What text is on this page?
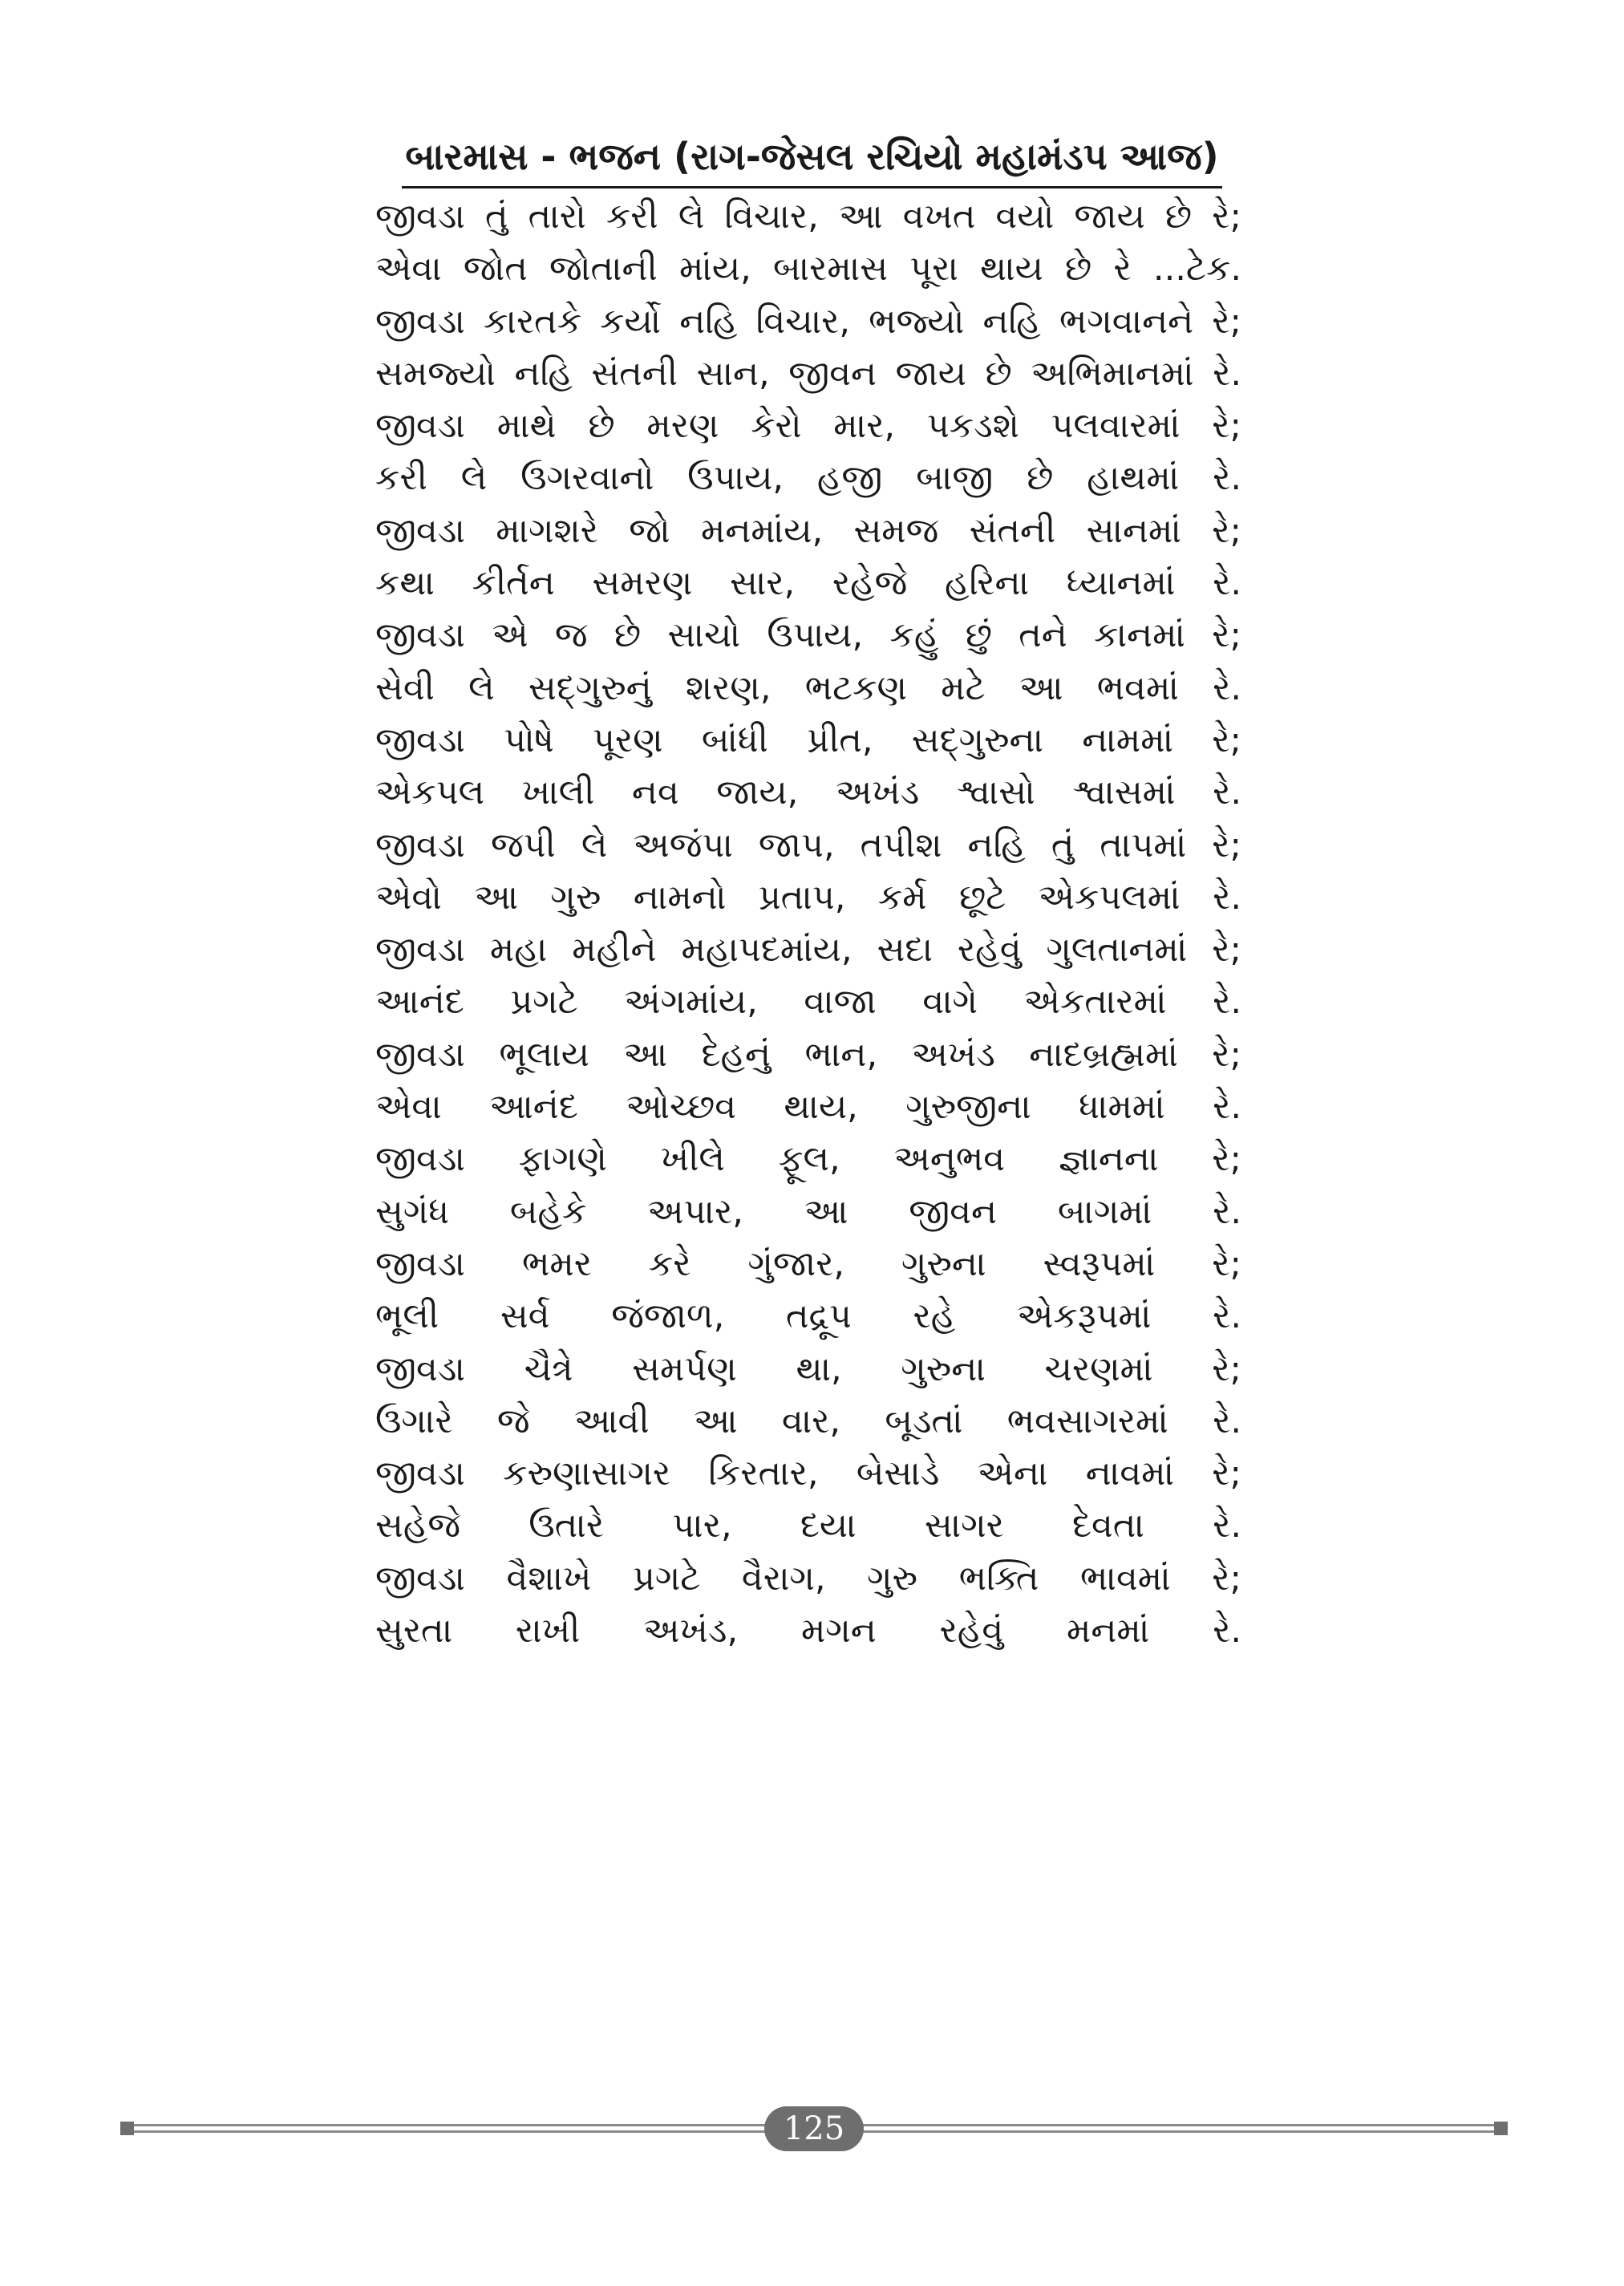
બારમાસ - ભજન (રાગ-જેસલ રચિયો મહામંડપ આજ)
જીવડા તું તારો કરી લે વિચાર, આ વખત વયો જાય છે રે;
એવા જોત જોતાની માંય, બારમાસ પૂરા થાય છે રે ...ટેક.
જીવડા કારતકે કર્યો નહિ વિચાર, ભજ્યો નહિ ભગવાનને રે;
સમજ્યો નહિ સંતની સાન, જીવન જાય છે અભિમાનમાં રે.
જીવડા માથે છે મરણ કેરો માર, પકડશે પલવારમાં રે;
કરી લે ઉગરવાનો ઉપાય, હજી બાજી છે હાથમાં રે.
જીવડા માગશરે જો મનમાંય, સમજ સંતની સાનમાં રે;
કથા કીર્તન સમરણ સાર, રહેજે હરિના ધ્યાનમાં રે.
જીવડા એ જ છે સાચો ઉપાય, કહું છું તને કાનમાં રે;
સેવી લે સદ્‌ગુરુનું શરણ, ભટકણ મટે આ ભવમાં રે.
જીવડા પોષે પૂરણ બાંધી પ્રીત, સદ્‌ગુરુના નામમાં રે;
એકપલ ખાલી નવ જાય, અખંડ શ્વાસો શ્વાસમાં રે.
જીવડા જપી લે અજંપા જાપ, તપીશ નહિ તું તાપમાં રે;
એવો આ ગુરુ નામનો પ્રતાપ, કર્મ છૂટે એકપલમાં રે.
જીવડા મહા મહીને મહાપદમાંય, સદા રહેવું ગુલતાનમાં રે;
આનંદ પ્રગટે અંગમાંય, વાજા વાગે એકતારમાં રે.
જીવડા ભૂલાય આ દેહનું ભાન, અખંડ નાદબ્રહ્મમાં રે;
એવા આનંદ ઓચ્છવ થાય, ગુરુજીના ધામમાં રે.
જીવડા ફાગણે ખીલે ફૂલ, અનુભવ જ્ઞાનના રે;
સુગંધ બહેકે અપાર, આ જીવન બાગમાં રે.
જીવડા ભમર કરે ગુંજાર, ગુરુના સ્વરૂપમાં રે;
ભૂલી સર્વ જંજાળ, તદ્રૂપ રહે એકરૂપમાં રે.
જીવડા ચૈત્રે સમર્પણ થા, ગુરુના ચરણમાં રે;
ઉગારે જે આવી આ વાર, બૂડતાં ભવસાગરમાં રે.
જીવડા કરુણાસાગર કિરતાર, બેસાડે એના નાવમાં રે;
સહેજે ઉતારે પાર, દયા સાગર દેવતા રે.
જીવડા વૈશાખે પ્રગટે વૈરાગ, ગુરુ ભક્તિ ભાવમાં રે;
સુરતા રાખી અખંડ, મગન રહેવું મનમાં રે.
125
